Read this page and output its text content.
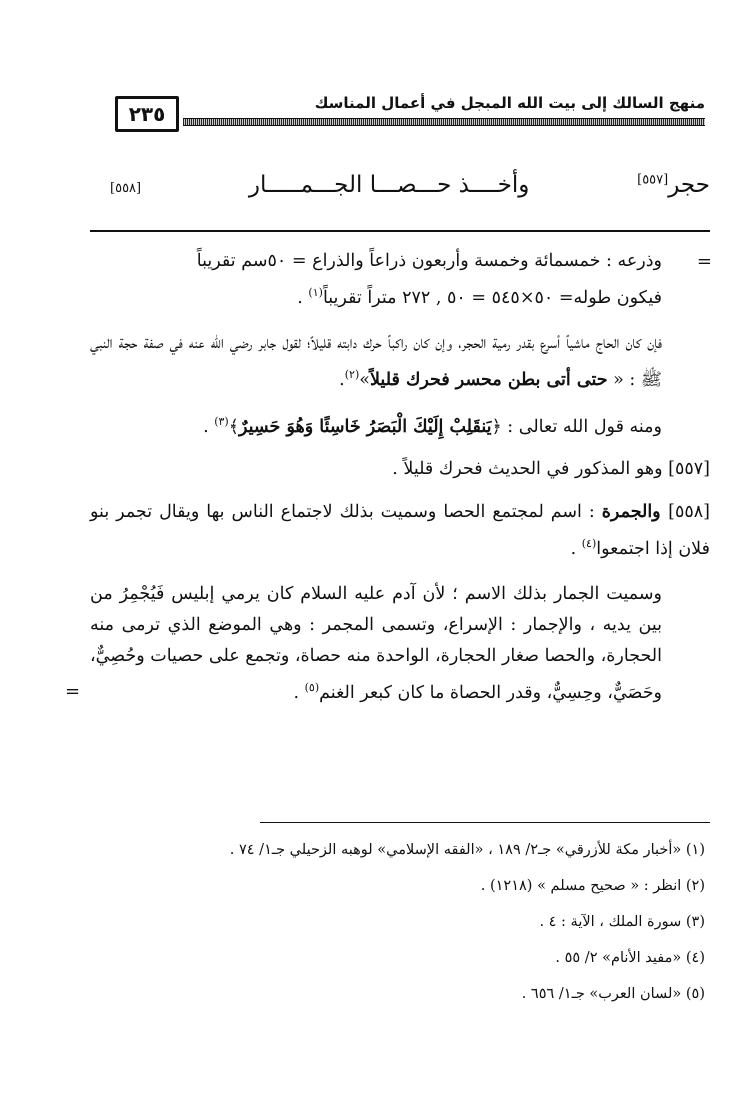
٢٣٥	منهج السالك إلى بيت الله المبجل في أعمال المناسك
حجر[٥٥٧]
وأخــــذ حـــصـــا الجـــمـــــار
[٥٥٨]
=
وذرعه : خمسمائة وخمسة وأربعون ذراعاً والذراع = ٥٠سم تقريباً
فيكون طوله= ٥٠×٥٤٥ = ٥٠ , ٢٧٢ متراً تقريباً$^{(١)}$ .
فإن كان الحاج ماشياً أسرع بقدر رمية الحجر، وإن كان راكباً حرك دابته قليلاً؛ لقول جابر رضي الله عنه في صفة حجة النبي ﷺ : « حتى أتى بطن محسر فحرك قليلاً»$^{(٢)}$.
ومنه قول الله تعالى : ﴿يَنقَلِبْ إِلَيْكَ الْبَصَرُ خَاسِئًا وَهُوَ حَسِيرٌ﴾$^{(٣)}$ .
[٥٥٧] وهو المذكور في الحديث فحرك قليلاً .
[٥٥٨] والجمرة : اسم لمجتمع الحصا وسميت بذلك لاجتماع الناس بها ويقال تجمر بنو فلان إذا اجتمعوا$^{(٤)}$ .
وسميت الجمار بذلك الاسم ؛ لأن آدم عليه السلام كان يرمي إبليس فَيُجْمِرُ من بين يديه ، والإجمار : الإسراع، وتسمى المجمر : وهي الموضع الذي ترمى منه الحجارة، والحصا صغار الحجارة، الواحدة منه حصاة، وتجمع على حصيات وحُصِيٌّ، وحَصَيٌّ، وحِسِيٌّ، وقدر الحصاة ما كان كبعر الغنم$^{(٥)}$ .
=

(١) «أخبار مكة للأزرقي» جـ٢/ ١٨٩ ، «الفقه الإسلامي» لوهبه الزحيلي جـ١/ ٧٤ .

(٢) انظر : « صحيح مسلم » (١٢١٨) .

(٣) سورة الملك ، الآية : ٤ .

(٤) «مفيد الأنام» ٢/ ٥٥ .

(٥) «لسان العرب» جـ١/ ٦٥٦ .
